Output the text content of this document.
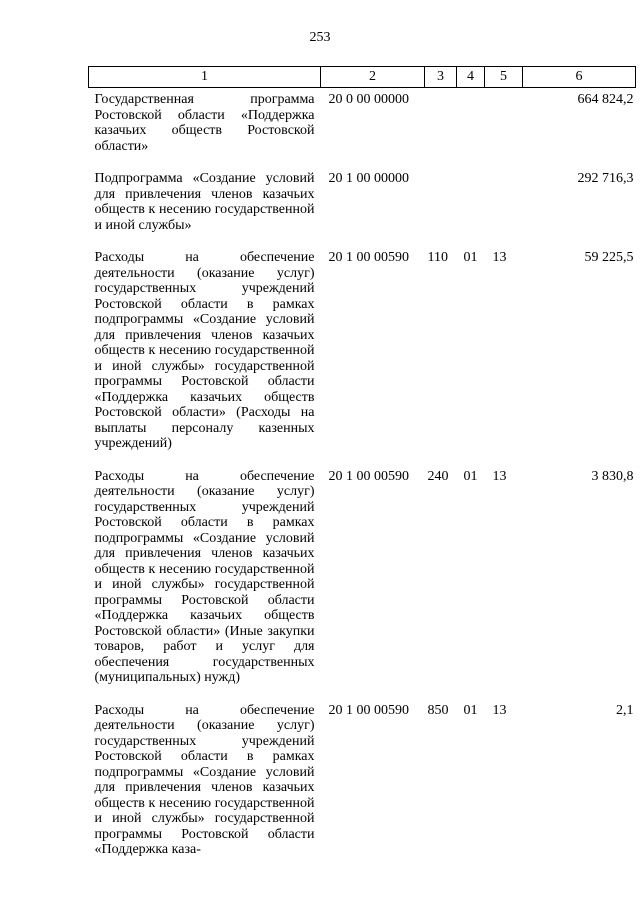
253
1	2	3	4	5	6
Государственная программа Ростовской области «Поддержка казачьих обществ Ростовской области»	20 0 00 00000				664 824,2
Подпрограмма «Создание условий для привлечения членов казачьих обществ к несению государственной и иной службы»	20 1 00 00000				292 716,3
Расходы на обеспечение деятельности (оказание услуг) государственных учреждений Ростовской области в рамках подпрограммы «Создание условий для привлечения членов казачьих обществ к несению государственной и иной службы» государственной программы Ростовской области «Поддержка казачьих обществ Ростовской области» (Расходы на выплаты персоналу казенных учреждений)	20 1 00 00590	110	01	13	59 225,5
Расходы на обеспечение деятельности (оказание услуг) государственных учреждений Ростовской области в рамках подпрограммы «Создание условий для привлечения членов казачьих обществ к несению государственной и иной службы» государственной программы Ростовской области «Поддержка казачьих обществ Ростовской области» (Иные закупки товаров, работ и услуг для обеспечения государственных (муниципальных) нужд)	20 1 00 00590	240	01	13	3 830,8
Расходы на обеспечение деятельности (оказание услуг) государственных учреждений Ростовской области в рамках подпрограммы «Создание условий для привлечения членов казачьих обществ к несению государственной и иной службы» государственной программы Ростовской области «Поддержка каза-	20 1 00 00590	850	01	13	2,1
